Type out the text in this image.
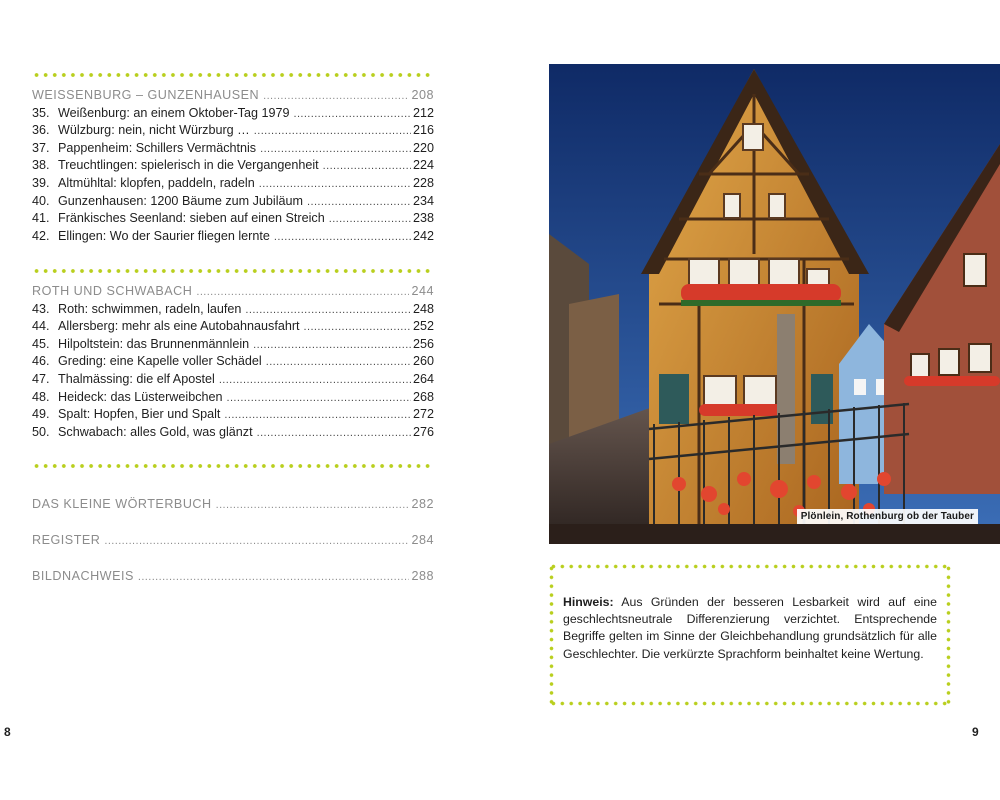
WEISSENBURG – GUNZENHAUSEN .....	208
35. Weißenburg: an einem Oktober-Tag 1979 .....	212
36. Wülzburg: nein, nicht Würzburg … .....	216
37. Pappenheim: Schillers Vermächtnis .....	220
38. Treuchtlingen: spielerisch in die Vergangenheit .....	224
39. Altmühltal: klopfen, paddeln, radeln .....	228
40. Gunzenhausen: 1200 Bäume zum Jubiläum .....	234
41. Fränkisches Seenland: sieben auf einen Streich .....	238
42. Ellingen: Wo der Saurier fliegen lernte .....	242
ROTH UND SCHWABACH .....	244
43. Roth: schwimmen, radeln, laufen .....	248
44. Allersberg: mehr als eine Autobahnausfahrt .....	252
45. Hilpoltstein: das Brunnenmännlein .....	256
46. Greding: eine Kapelle voller Schädel .....	260
47. Thalmässing: die elf Apostel .....	264
48. Heideck: das Lüsterweibchen .....	268
49. Spalt: Hopfen, Bier und Spalt .....	272
50. Schwabach: alles Gold, was glänzt .....	276
DAS KLEINE WÖRTERBUCH .....	282
REGISTER .....	284
BILDNACHWEIS .....	288
8
Plönlein, Rothenburg ob der Tauber
Hinweis: Aus Gründen der besseren Lesbarkeit wird auf eine geschlechtsneutrale Differenzierung verzichtet. Entsprechende Begriffe gelten im Sinne der Gleichbehandlung grundsätzlich für alle Geschlechter. Die verkürzte Sprachform beinhaltet keine Wertung.
9
